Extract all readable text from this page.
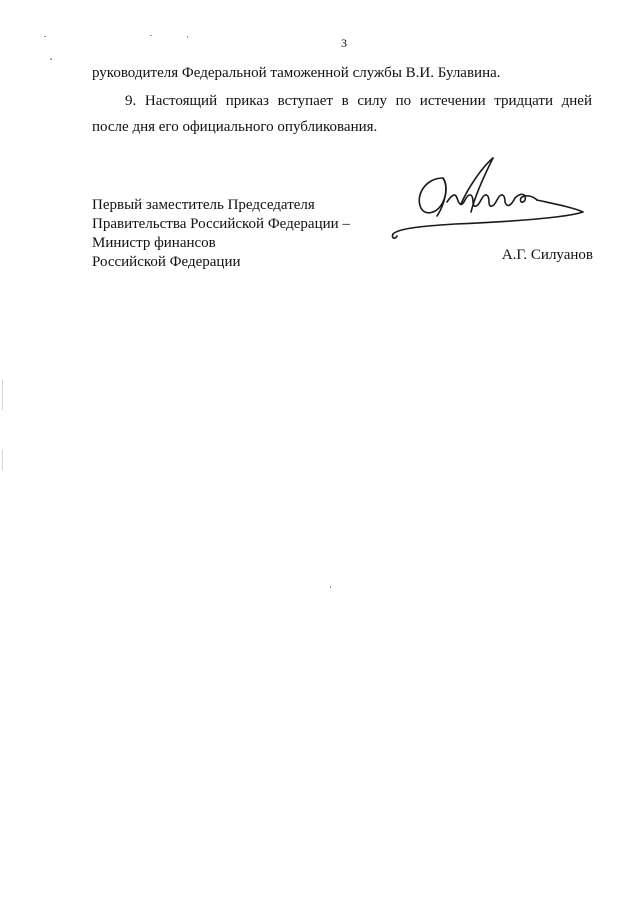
3
руководителя Федеральной таможенной службы В.И. Булавина.
9. Настоящий приказ вступает в силу по истечении тридцати дней
после дня его официального опубликования.
Первый заместитель Председателя
Правительства Российской Федерации –
Министр финансов
Российской Федерации	А.Г. Силуанов
